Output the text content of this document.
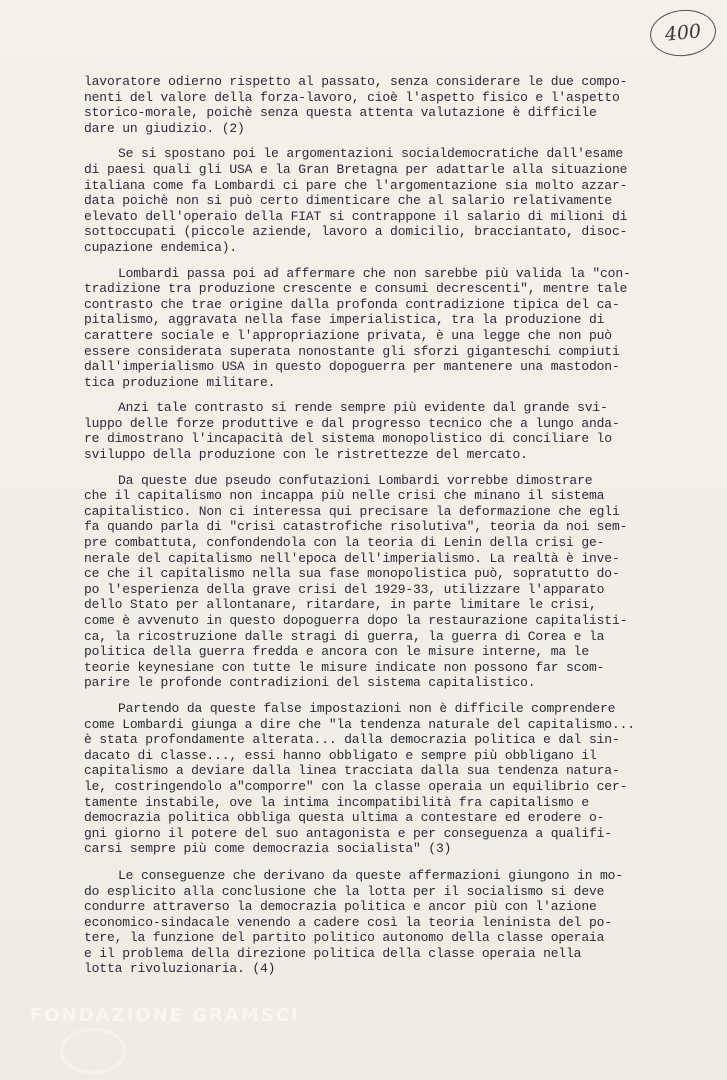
400
lavoratore odierno rispetto al passato, senza considerare le due compo-
nenti del valore della forza-lavoro, cioè l'aspetto fisico e l'aspetto
storico-morale, poichè senza questa attenta valutazione è difficile
dare un giudizio. (2)
Se si spostano poi le argomentazioni socialdemocratiche dall'esame
di paesi quali gli USA e la Gran Bretagna per adattarle alla situazione
italiana come fa Lombardi ci pare che l'argomentazione sia molto azzar-
data poichè non si può certo dimenticare che al salario relativamente
elevato dell'operaio della FIAT si contrappone il salario di milioni di
sottoccupati (piccole aziende, lavoro a domicilio, bracciantato, disoc-
cupazione endemica).
Lombardi passa poi ad affermare che non sarebbe più valida la "con-
tradizione tra produzione crescente e consumi decrescenti", mentre tale
contrasto che trae origine dalla profonda contradizione tipica del ca-
pitalismo, aggravata nella fase imperialistica, tra la produzione di
carattere sociale e l'appropriazione privata, è una legge che non può
essere considerata superata nonostante gli sforzi giganteschi compiuti
dall'imperialismo USA in questo dopoguerra per mantenere una mastodon-
tica produzione militare.
Anzi tale contrasto si rende sempre più evidente dal grande svi-
luppo delle forze produttive e dal progresso tecnico che a lungo anda-
re dimostrano l'incapacità del sistema monopolistico di conciliare lo
sviluppo della produzione con le ristrettezze del mercato.
Da queste due pseudo confutazioni Lombardi vorrebbe dimostrare
che il capitalismo non incappa più nelle crisi che minano il sistema
capitalistico. Non ci interessa qui precisare la deformazione che egli
fa quando parla di "crisi catastrofiche risolutiva", teoria da noi sem-
pre combattuta, confondendola con la teoria di Lenin della crisi ge-
nerale del capitalismo nell'epoca dell'imperialismo. La realtà è inve-
ce che il capitalismo nella sua fase monopolistica può, sopratutto do-
po l'esperienza della grave crisi del 1929-33, utilizzare l'apparato
dello Stato per allontanare, ritardare, in parte limitare le crisi,
come è avvenuto in questo dopoguerra dopo la restaurazione capitalisti-
ca, la ricostruzione dalle stragi di guerra, la guerra di Corea e la
politica della guerra fredda e ancora con le misure interne, ma le
teorie keynesiane con tutte le misure indicate non possono far scom-
parire le profonde contradizioni del sistema capitalistico.
Partendo da queste false impostazioni non è difficile comprendere
come Lombardi giunga a dire che "la tendenza naturale del capitalismo...
è stata profondamente alterata... dalla democrazia politica e dal sin-
dacato di classe..., essi hanno obbligato e sempre più obbligano il
capitalismo a deviare dalla linea tracciata dalla sua tendenza natura-
le, costringendolo a"comporre" con la classe operaia un equilibrio cer-
tamente instabile, ove la intima incompatibilità fra capitalismo e
democrazia politica obbliga questa ultima a contestare ed erodere o-
gni giorno il potere del suo antagonista e per conseguenza a qualifi-
carsi sempre più come democrazia socialista" (3)
Le conseguenze che derivano da queste affermazioni giungono in mo-
do esplicito alla conclusione che la lotta per il socialismo si deve
condurre attraverso la democrazia politica e ancor più con l'azione
economico-sindacale venendo a cadere così la teoria leninista del po-
tere, la funzione del partito politico autonomo della classe operaia
e il problema della direzione politica della classe operaia nella
lotta rivoluzionaria. (4)
FONDAZIONE GRAMSCI
